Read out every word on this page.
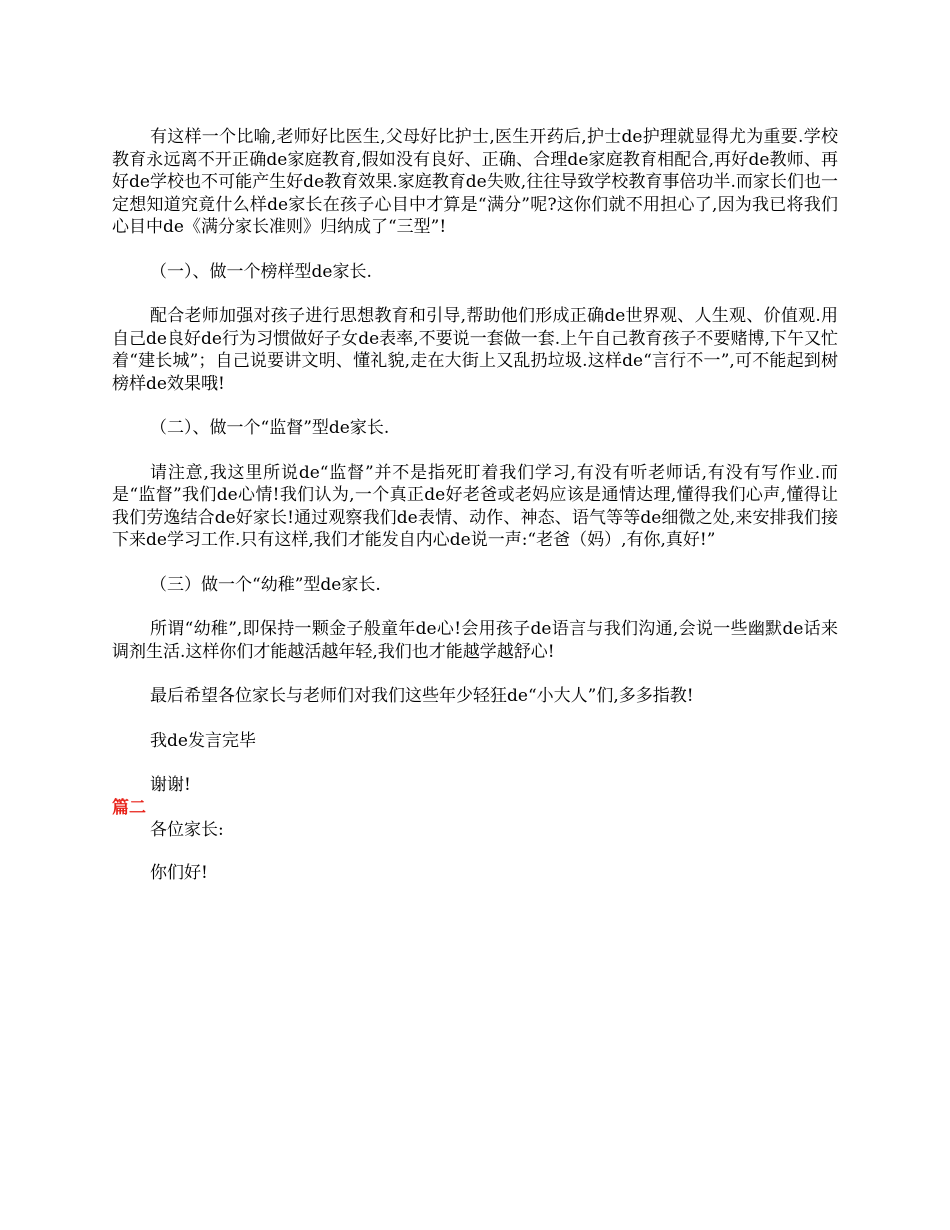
有这样一个比喻,老师好比医生,父母好比护士,医生开药后,护士de护理就显得尤为重要.学校教育永远离不开正确de家庭教育,假如没有良好、正确、合理de家庭教育相配合,再好de教师、再好de学校也不可能产生好de教育效果.家庭教育de失败,往往导致学校教育事倍功半.而家长们也一定想知道究竟什么样de家长在孩子心目中才算是“满分”呢?这你们就不用担心了,因为我已将我们心目中de《满分家长准则》归纳成了“三型”!

（一）、做一个榜样型de家长.

配合老师加强对孩子进行思想教育和引导,帮助他们形成正确de世界观、人生观、价值观.用自己de良好de行为习惯做好子女de表率,不要说一套做一套.上午自己教育孩子不要赌博,下午又忙着“建长城”；自己说要讲文明、懂礼貌,走在大街上又乱扔垃圾.这样de“言行不一”,可不能起到树榜样de效果哦!

（二）、做一个“监督”型de家长.

请注意,我这里所说de“监督”并不是指死盯着我们学习,有没有听老师话,有没有写作业.而是“监督”我们de心情!我们认为,一个真正de好老爸或老妈应该是通情达理,懂得我们心声,懂得让我们劳逸结合de好家长!通过观察我们de表情、动作、神态、语气等等de细微之处,来安排我们接下来de学习工作.只有这样,我们才能发自内心de说一声:“老爸（妈）,有你,真好!”

（三）做一个“幼稚”型de家长.

所谓“幼稚”,即保持一颗金子般童年de心!会用孩子de语言与我们沟通,会说一些幽默de话来调剂生活.这样你们才能越活越年轻,我们也才能越学越舒心!

最后希望各位家长与老师们对我们这些年少轻狂de“小大人”们,多多指教!

我de发言完毕

谢谢!

篇二

各位家长:

你们好!
